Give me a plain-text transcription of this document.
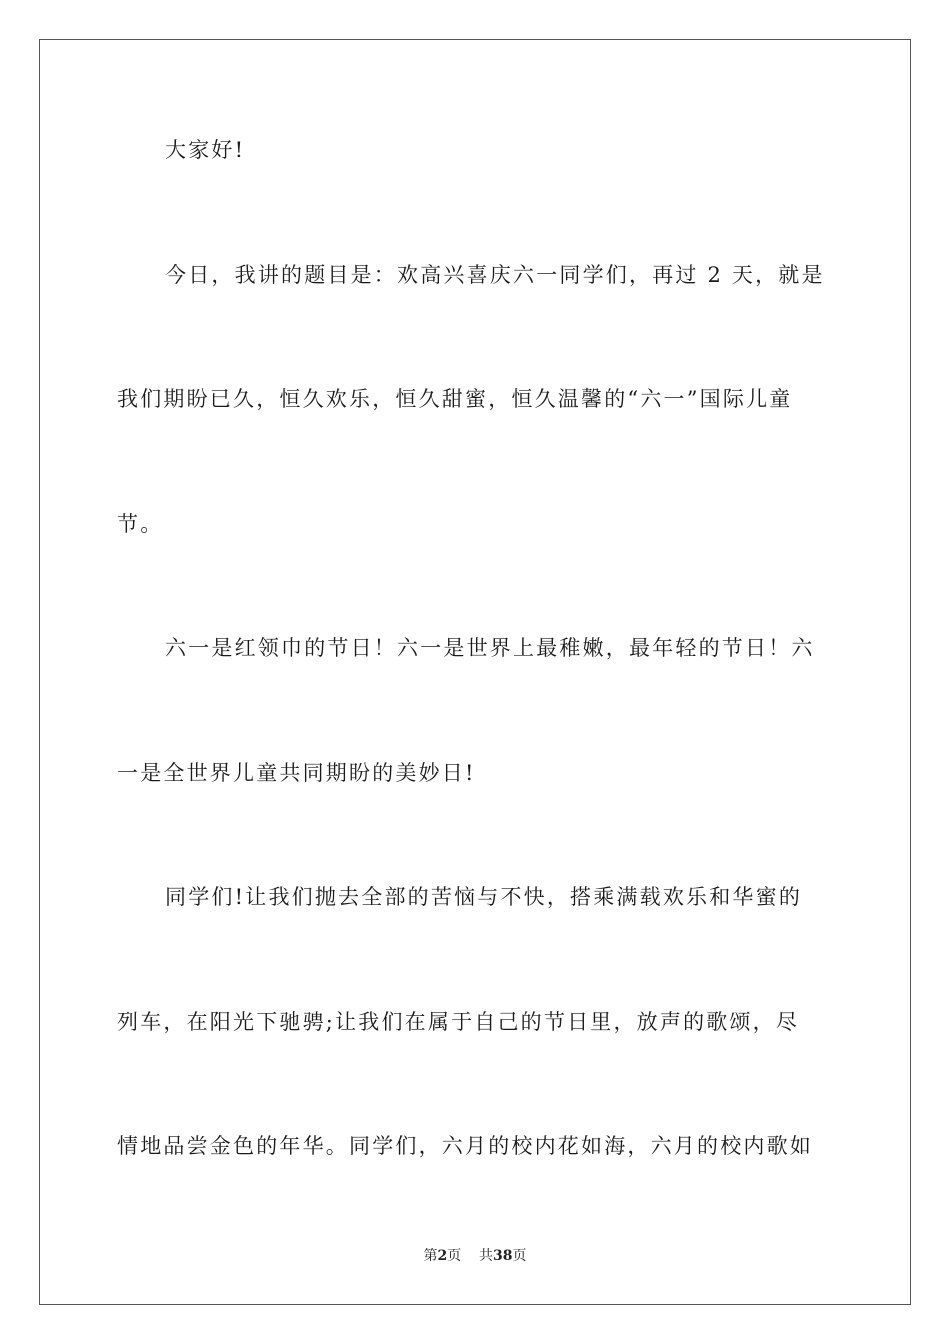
大家好!
今日，我讲的题目是：欢高兴喜庆六一同学们，再过 2 天，就是
我们期盼已久，恒久欢乐，恒久甜蜜，恒久温馨的“六一”国际儿童
节。
六一是红领巾的节日！六一是世界上最稚嫩，最年轻的节日！六
一是全世界儿童共同期盼的美妙日!
同学们!让我们抛去全部的苦恼与不快，搭乘满载欢乐和华蜜的
列车，在阳光下驰骋;让我们在属于自己的节日里，放声的歌颂，尽
情地品尝金色的年华。同学们，六月的校内花如海，六月的校内歌如
第2页 共38页
